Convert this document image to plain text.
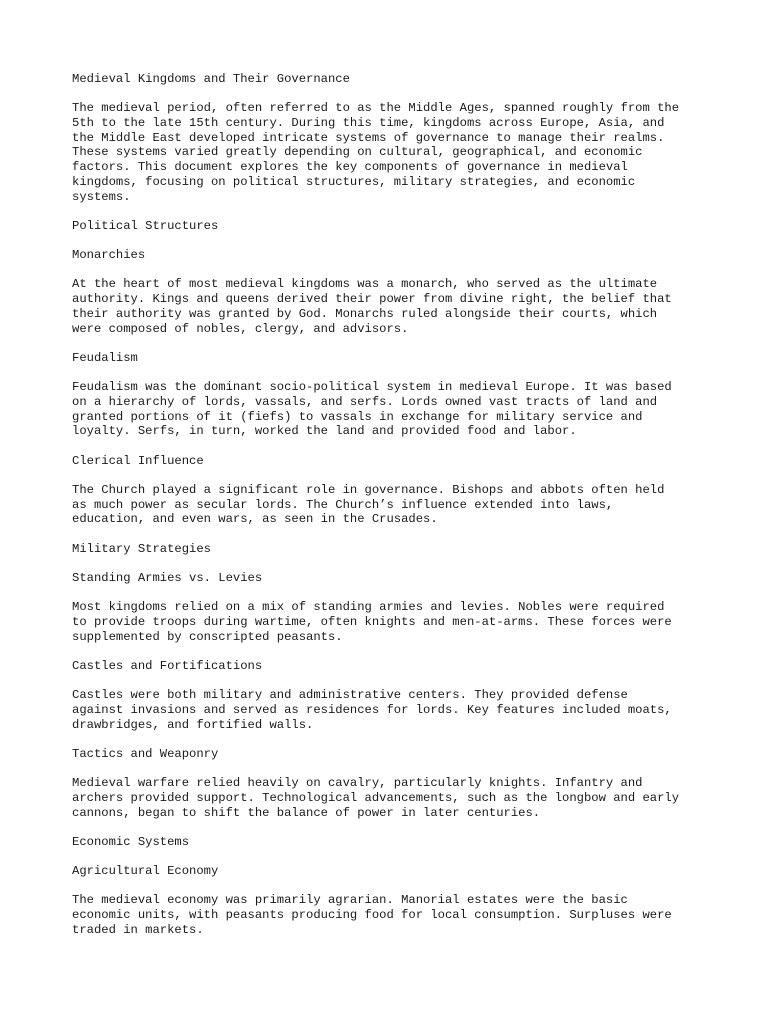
Medieval Kingdoms and Their Governance

The medieval period, often referred to as the Middle Ages, spanned roughly from the
5th to the late 15th century. During this time, kingdoms across Europe, Asia, and
the Middle East developed intricate systems of governance to manage their realms.
These systems varied greatly depending on cultural, geographical, and economic
factors. This document explores the key components of governance in medieval
kingdoms, focusing on political structures, military strategies, and economic
systems.

Political Structures

Monarchies

At the heart of most medieval kingdoms was a monarch, who served as the ultimate
authority. Kings and queens derived their power from divine right, the belief that
their authority was granted by God. Monarchs ruled alongside their courts, which
were composed of nobles, clergy, and advisors.

Feudalism

Feudalism was the dominant socio-political system in medieval Europe. It was based
on a hierarchy of lords, vassals, and serfs. Lords owned vast tracts of land and
granted portions of it (fiefs) to vassals in exchange for military service and
loyalty. Serfs, in turn, worked the land and provided food and labor.

Clerical Influence

The Church played a significant role in governance. Bishops and abbots often held
as much power as secular lords. The Church’s influence extended into laws,
education, and even wars, as seen in the Crusades.

Military Strategies

Standing Armies vs. Levies

Most kingdoms relied on a mix of standing armies and levies. Nobles were required
to provide troops during wartime, often knights and men-at-arms. These forces were
supplemented by conscripted peasants.

Castles and Fortifications

Castles were both military and administrative centers. They provided defense
against invasions and served as residences for lords. Key features included moats,
drawbridges, and fortified walls.

Tactics and Weaponry

Medieval warfare relied heavily on cavalry, particularly knights. Infantry and
archers provided support. Technological advancements, such as the longbow and early
cannons, began to shift the balance of power in later centuries.

Economic Systems

Agricultural Economy

The medieval economy was primarily agrarian. Manorial estates were the basic
economic units, with peasants producing food for local consumption. Surpluses were
traded in markets.
